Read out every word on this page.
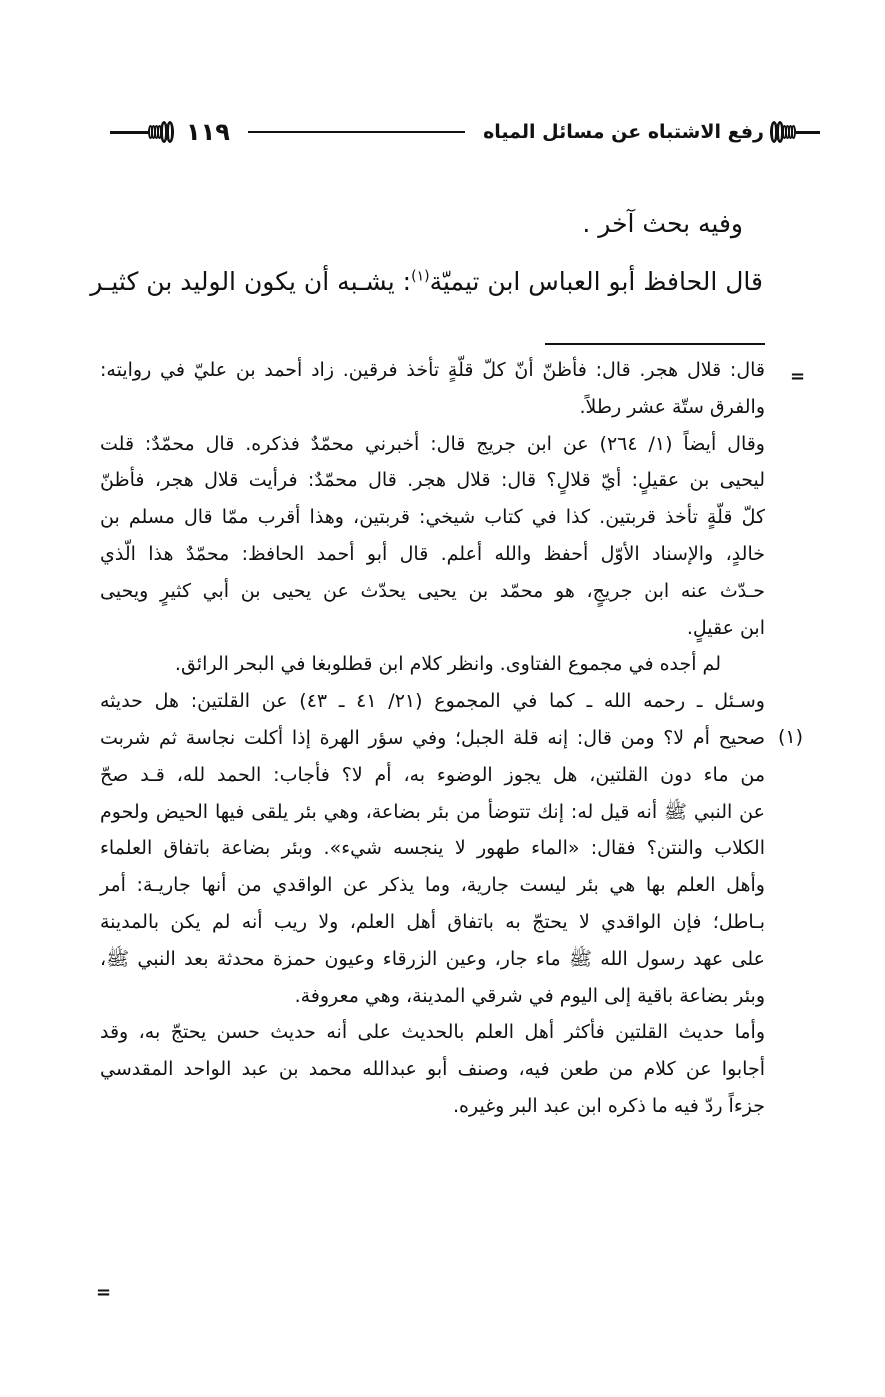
رفع الاشتباه عن مسائل المياه
١١٩

وفيه بحث آخر .

قال الحافظ أبو العباس ابن تيميّة$^{(١)}$: يشـبه أن يكون الوليد بن كثيـر

=

قال: قلال هجر. قال: فأظنّ أنّ كلّ قلّةٍ تأخذ فرقين. زاد أحمد بن عليّ في روايته:

والفرق ستّة عشر رطلاً.

وقال أيضاً (١/ ٢٦٤) عن ابن جريج قال: أخبرني محمّدٌ فذكره. قال محمّدٌ: قلت

ليحيى بن عقيلٍ: أيّ قلالٍ؟ قال: قلال هجر. قال محمّدٌ: فرأيت قلال هجر، فأظنّ

كلّ قلّةٍ تأخذ قربتين. كذا في كتاب شيخي: قربتين، وهذا أقرب ممّا قال مسلم بن

خالدٍ، والإسناد الأوّل أحفظ والله أعلم. قال أبو أحمد الحافظ: محمّدٌ هذا الّذي

حـدّث عنه ابن جريجٍ، هو محمّد بن يحيى يحدّث عن يحيى بن أبي كثيرٍ ويحيى

ابن عقيلٍ.

لم أجده في مجموع الفتاوى. وانظر كلام ابن قطلوبغا في البحر الرائق.

وسـئل ـ رحمه الله ـ كما في المجموع (٢١/ ٤١ ـ ٤٣) عن القلتين: هل حديثه

صحيح أم لا؟ ومن قال: إنه قلة الجبل؛ وفي سؤر الهرة إذا أكلت نجاسة ثم شربت

من ماء دون القلتين، هل يجوز الوضوء به، أم لا؟ فأجاب: الحمد لله، قـد صحّ

عن النبي ﷺ أنه قيل له: إنك تتوضأ من بئر بضاعة، وهي بئر يلقى فيها الحيض ولحوم

الكلاب والنتن؟ فقال: «الماء طهور لا ينجسه شيء». وبئر بضاعة باتفاق العلماء

وأهل العلم بها هي بئر ليست جارية، وما يذكر عن الواقدي من أنها جاريـة: أمر

بـاطل؛ فإن الواقدي لا يحتجّ به باتفاق أهل العلم، ولا ريب أنه لم يكن بالمدينة

على عهد رسول الله ﷺ ماء جار، وعين الزرقاء وعيون حمزة محدثة بعد النبي ﷺ،

وبئر بضاعة باقية إلى اليوم في شرقي المدينة، وهي معروفة.

وأما حديث القلتين فأكثر أهل العلم بالحديث على أنه حديث حسن يحتجّ به، وقد

أجابوا عن كلام من طعن فيه، وصنف أبو عبدالله محمد بن عبد الواحد المقدسي

جزءاً ردّ فيه ما ذكره ابن عبد البر وغيره.

(١)
=
